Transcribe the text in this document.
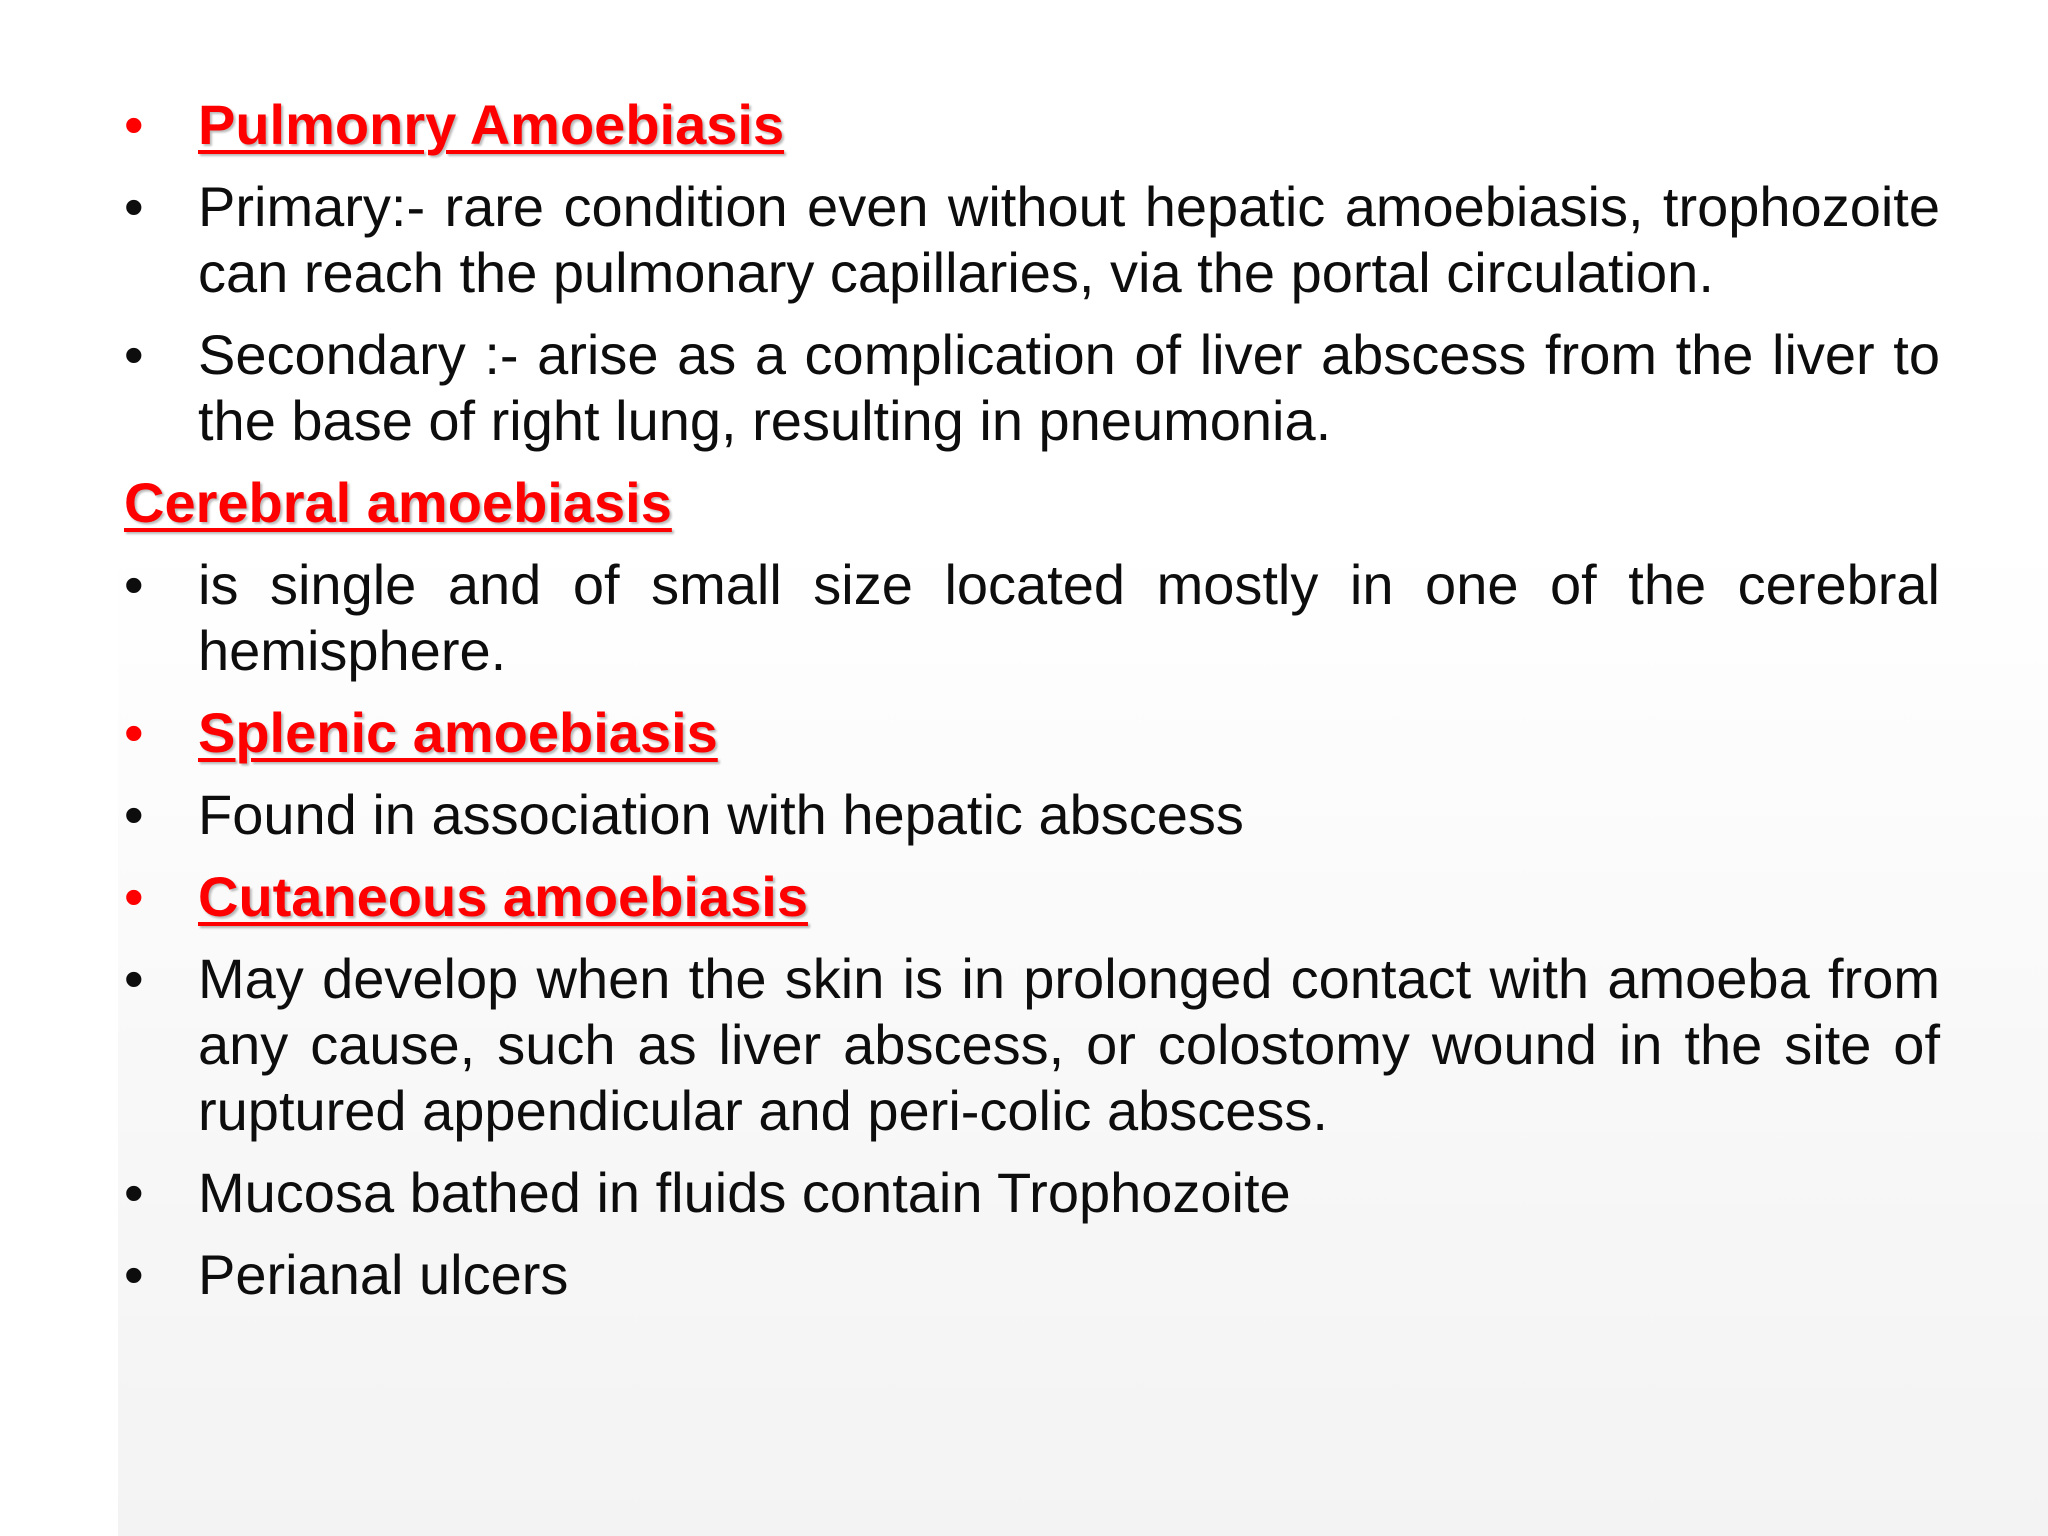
• Pulmonry Amoebiasis
• Primary:- rare condition even without hepatic amoebiasis, trophozoite can reach the pulmonary capillaries, via the portal circulation.
• Secondary :- arise as a complication of liver abscess from the liver to the base of right lung, resulting in pneumonia.
Cerebral amoebiasis
• is single and of small size located mostly in one of the cerebral hemisphere.
• Splenic amoebiasis
• Found in association with hepatic abscess
• Cutaneous amoebiasis
• May develop when the skin is in prolonged contact with amoeba from any cause, such as liver abscess, or colostomy wound in the site of ruptured appendicular and peri-colic abscess.
• Mucosa bathed in fluids contain Trophozoite
• Perianal ulcers
